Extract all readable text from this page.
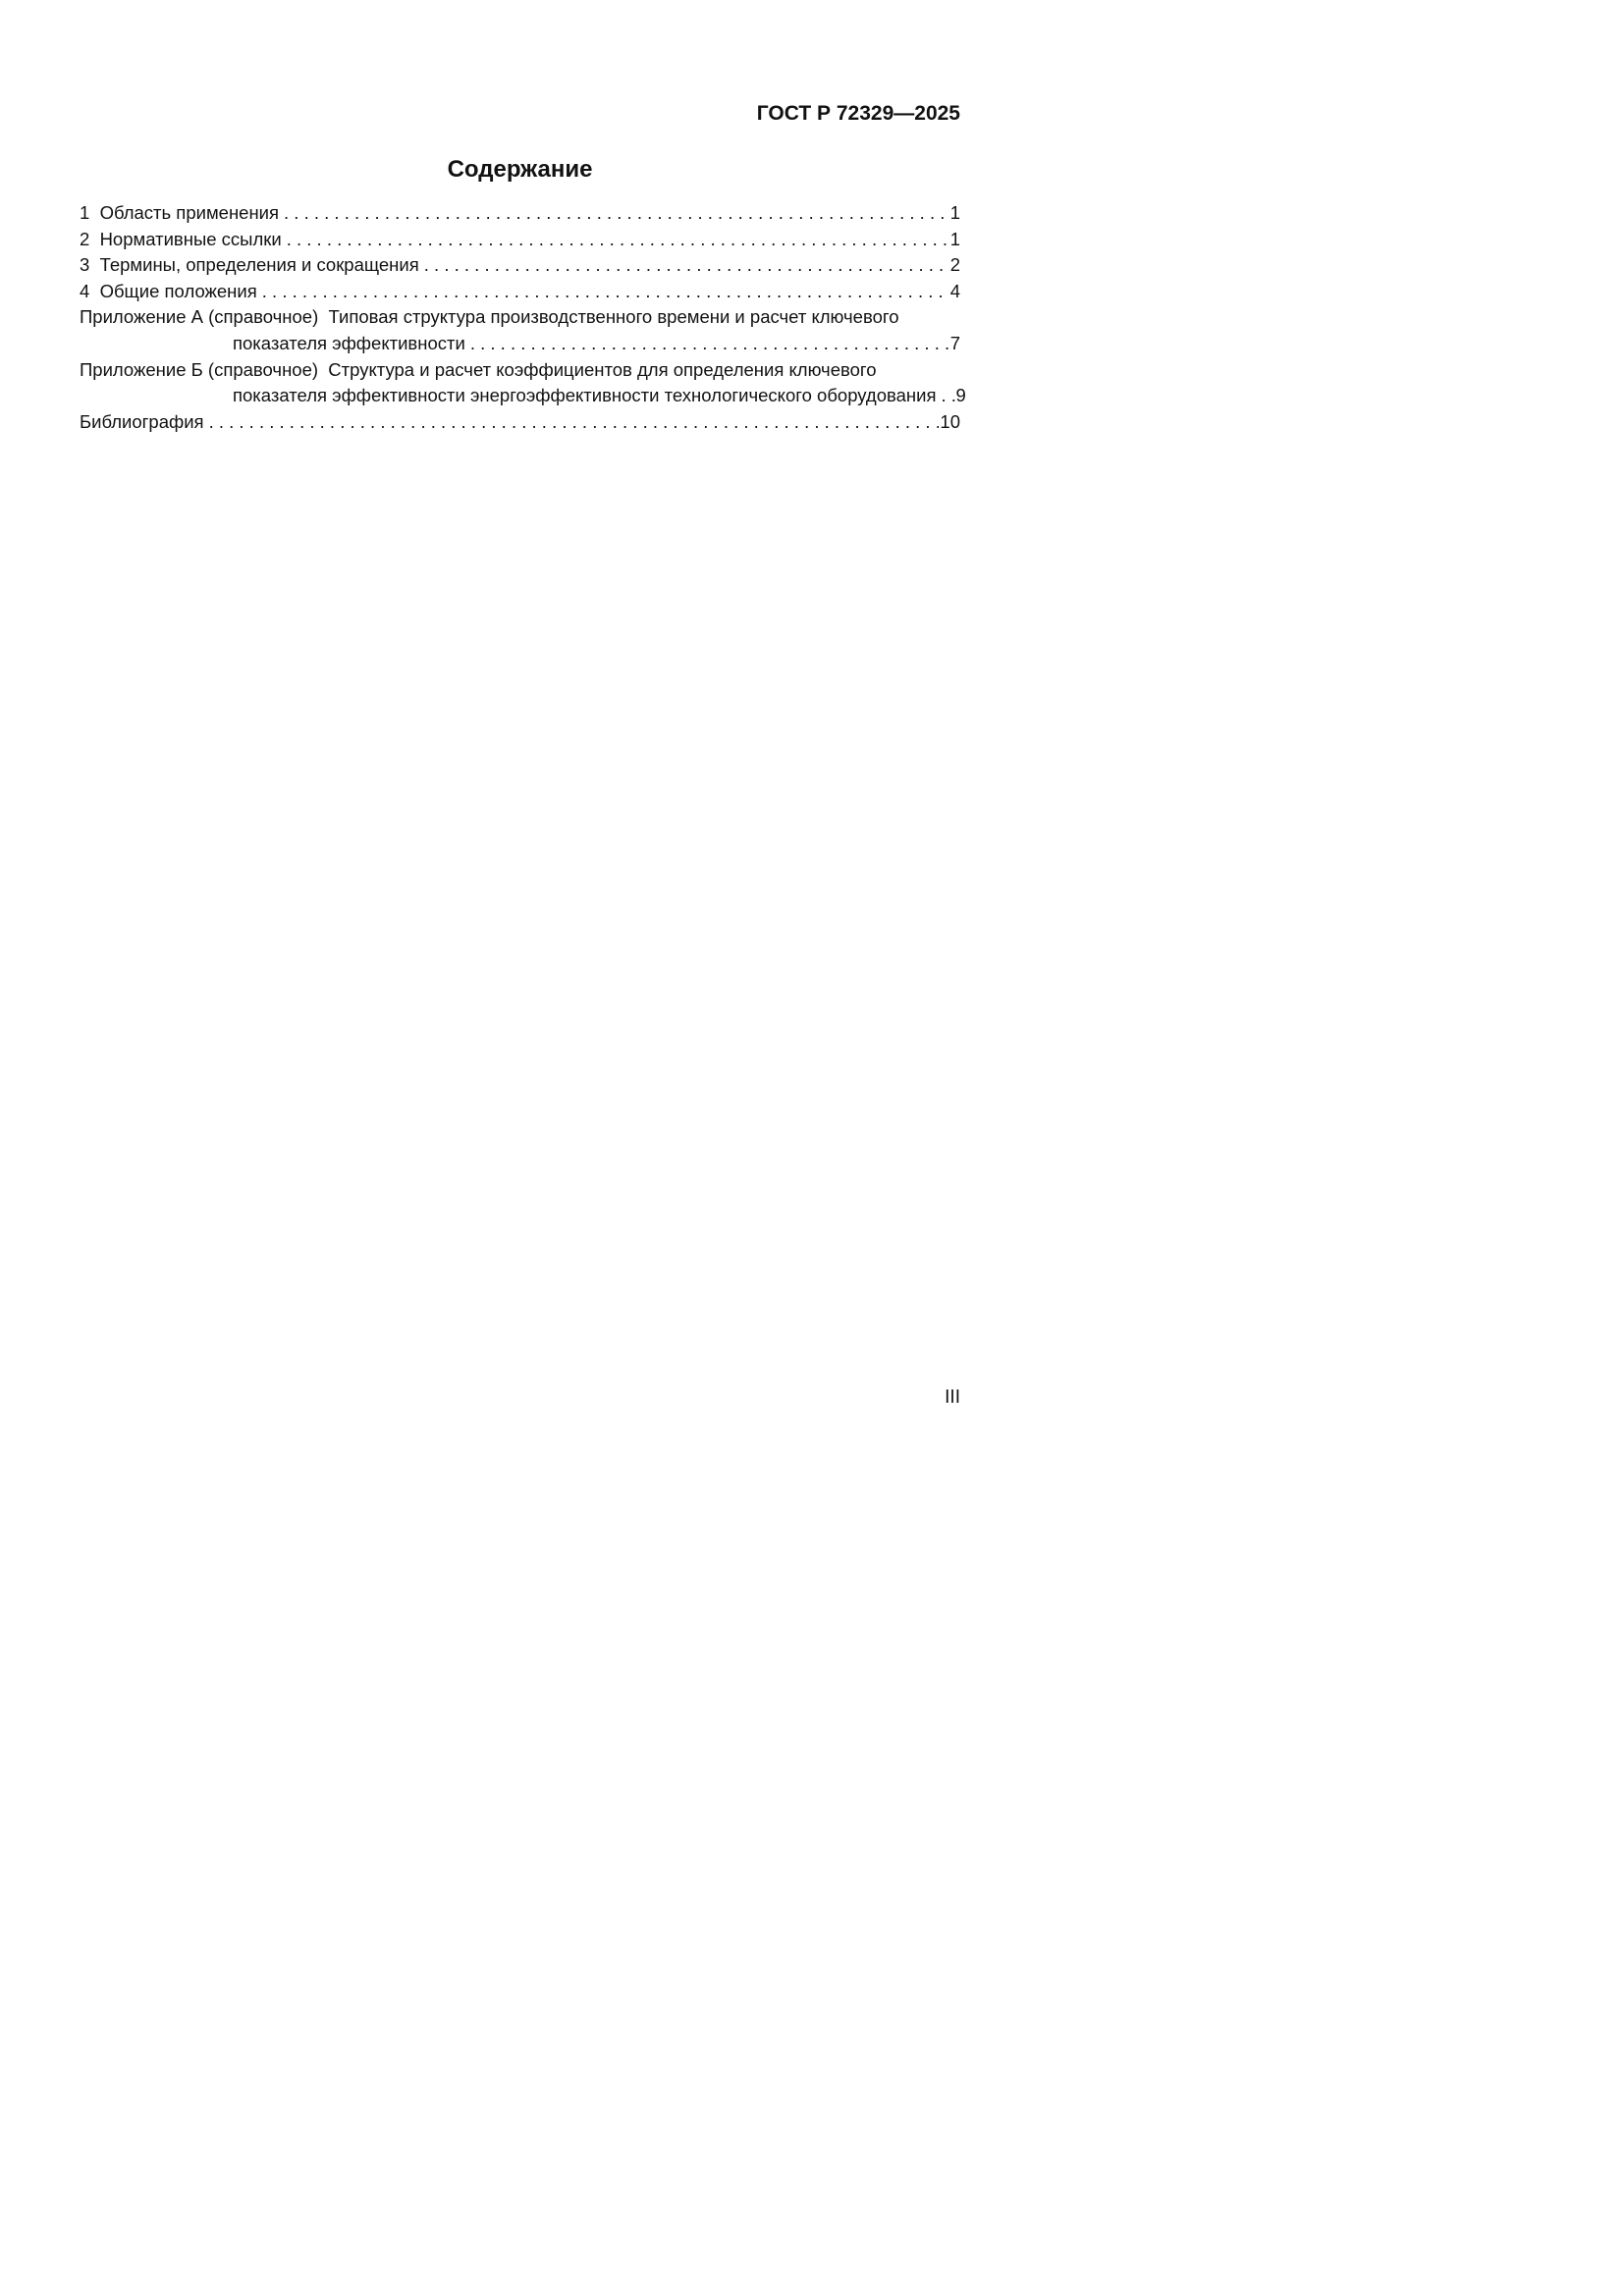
ГОСТ Р 72329—2025
Содержание
1  Область применения . . .	1
2  Нормативные ссылки . . .	1
3  Термины, определения и сокращения . . .	2
4  Общие положения . . .	4
Приложение А (справочное)  Типовая структура производственного времени и расчет ключевого
показателя эффективности . . .	7
Приложение Б (справочное)  Структура и расчет коэффициентов для определения ключевого
показателя эффективности энергоэффективности технологического оборудования . . . 9
Библиография . . .	10
III
